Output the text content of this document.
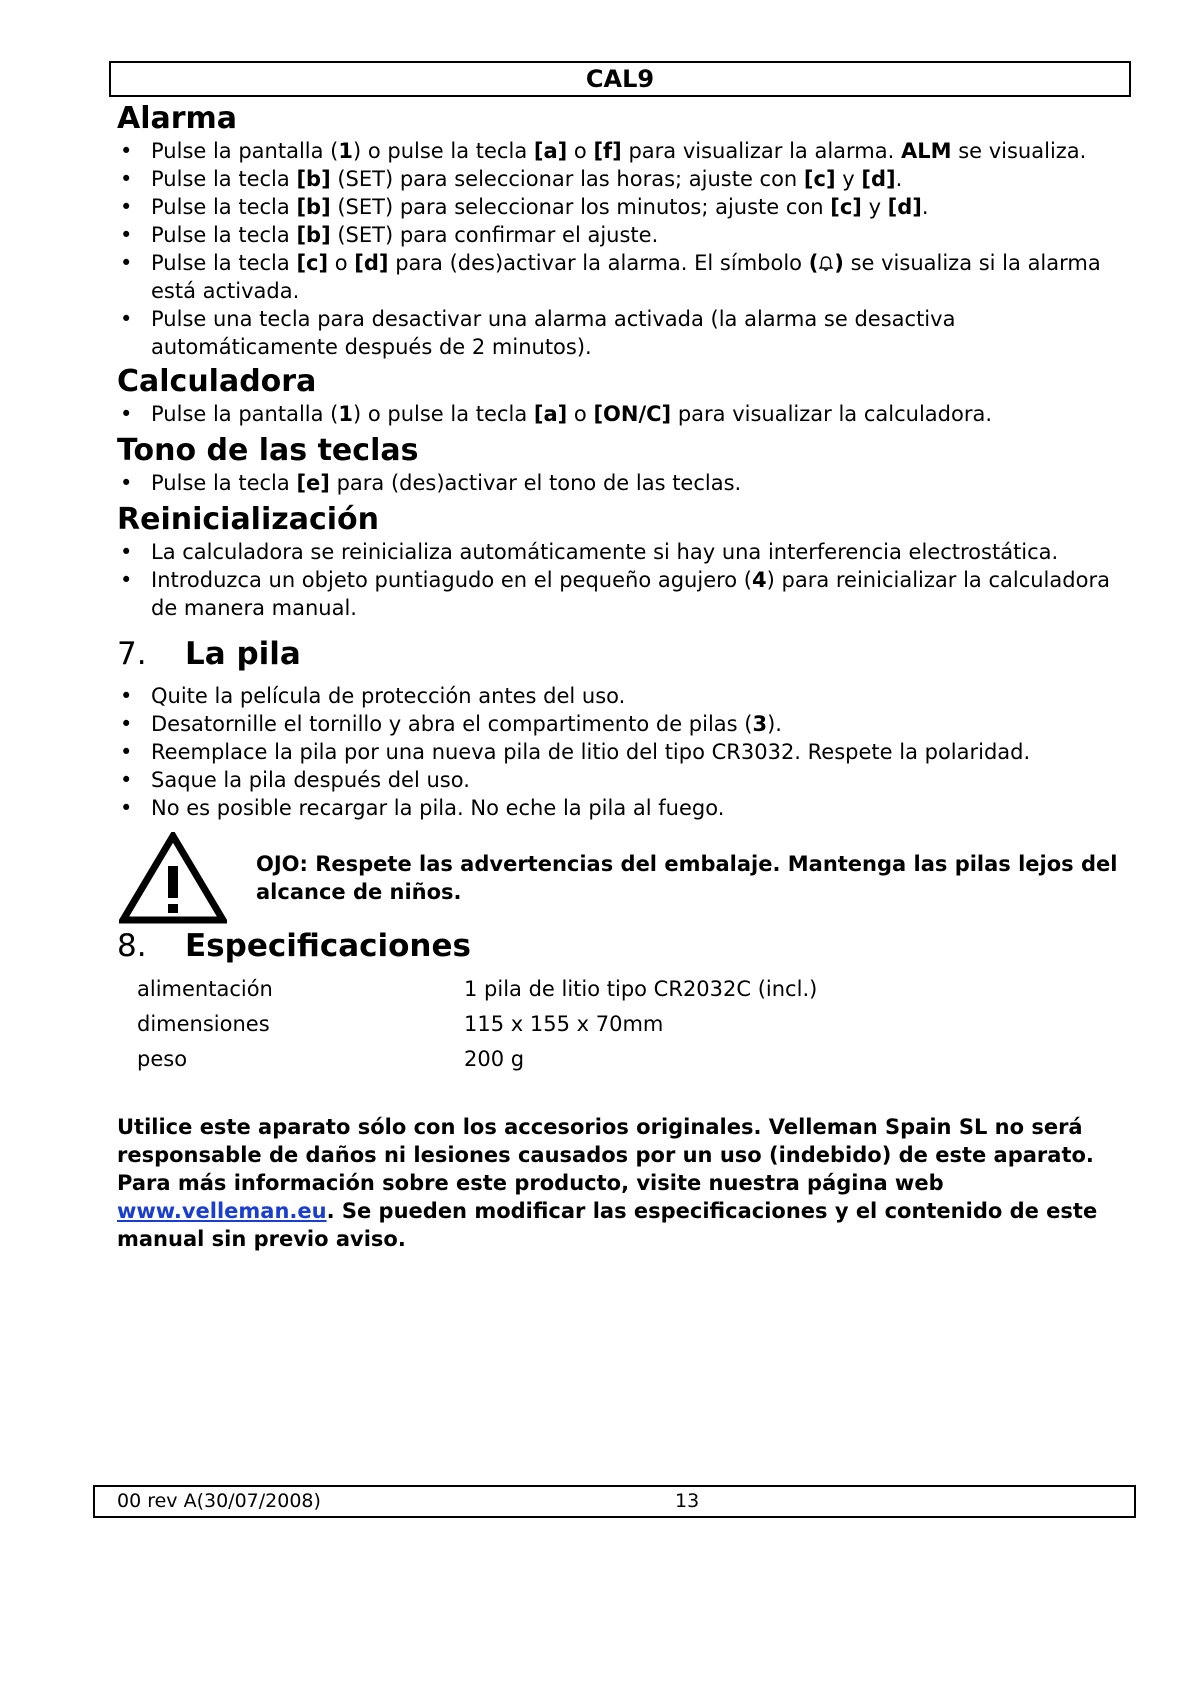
CAL9
Alarma
• Pulse la pantalla (1) o pulse la tecla [a] o [f] para visualizar la alarma. ALM se visualiza.
• Pulse la tecla [b] (SET) para seleccionar las horas; ajuste con [c] y [d].
• Pulse la tecla [b] (SET) para seleccionar los minutos; ajuste con [c] y [d].
• Pulse la tecla [b] (SET) para confirmar el ajuste.
• Pulse la tecla [c] o [d] para (des)activar la alarma. El símbolo ( ) se visualiza si la alarma está activada.
• Pulse una tecla para desactivar una alarma activada (la alarma se desactiva automáticamente después de 2 minutos).
Calculadora
• Pulse la pantalla (1) o pulse la tecla [a] o [ON/C] para visualizar la calculadora.
Tono de las teclas
• Pulse la tecla [e] para (des)activar el tono de las teclas.
Reinicialización
• La calculadora se reinicializa automáticamente si hay una interferencia electrostática.
• Introduzca un objeto puntiagudo en el pequeño agujero (4) para reinicializar la calculadora de manera manual.
7.	La pila
• Quite la película de protección antes del uso.
• Desatornille el tornillo y abra el compartimento de pilas (3).
• Reemplace la pila por una nueva pila de litio del tipo CR3032. Respete la polaridad.
• Saque la pila después del uso.
• No es posible recargar la pila. No eche la pila al fuego.
OJO: Respete las advertencias del embalaje. Mantenga las pilas lejos del alcance de niños.
8.	Especificaciones
alimentación	1 pila de litio tipo CR2032C (incl.)
dimensiones	115 x 155 x 70mm
peso	200 g
Utilice este aparato sólo con los accesorios originales. Velleman Spain SL no será responsable de daños ni lesiones causados por un uso (indebido) de este aparato. Para más información sobre este producto, visite nuestra página web www.velleman.eu. Se pueden modificar las especificaciones y el contenido de este manual sin previo aviso.
00 rev A(30/07/2008)	13
